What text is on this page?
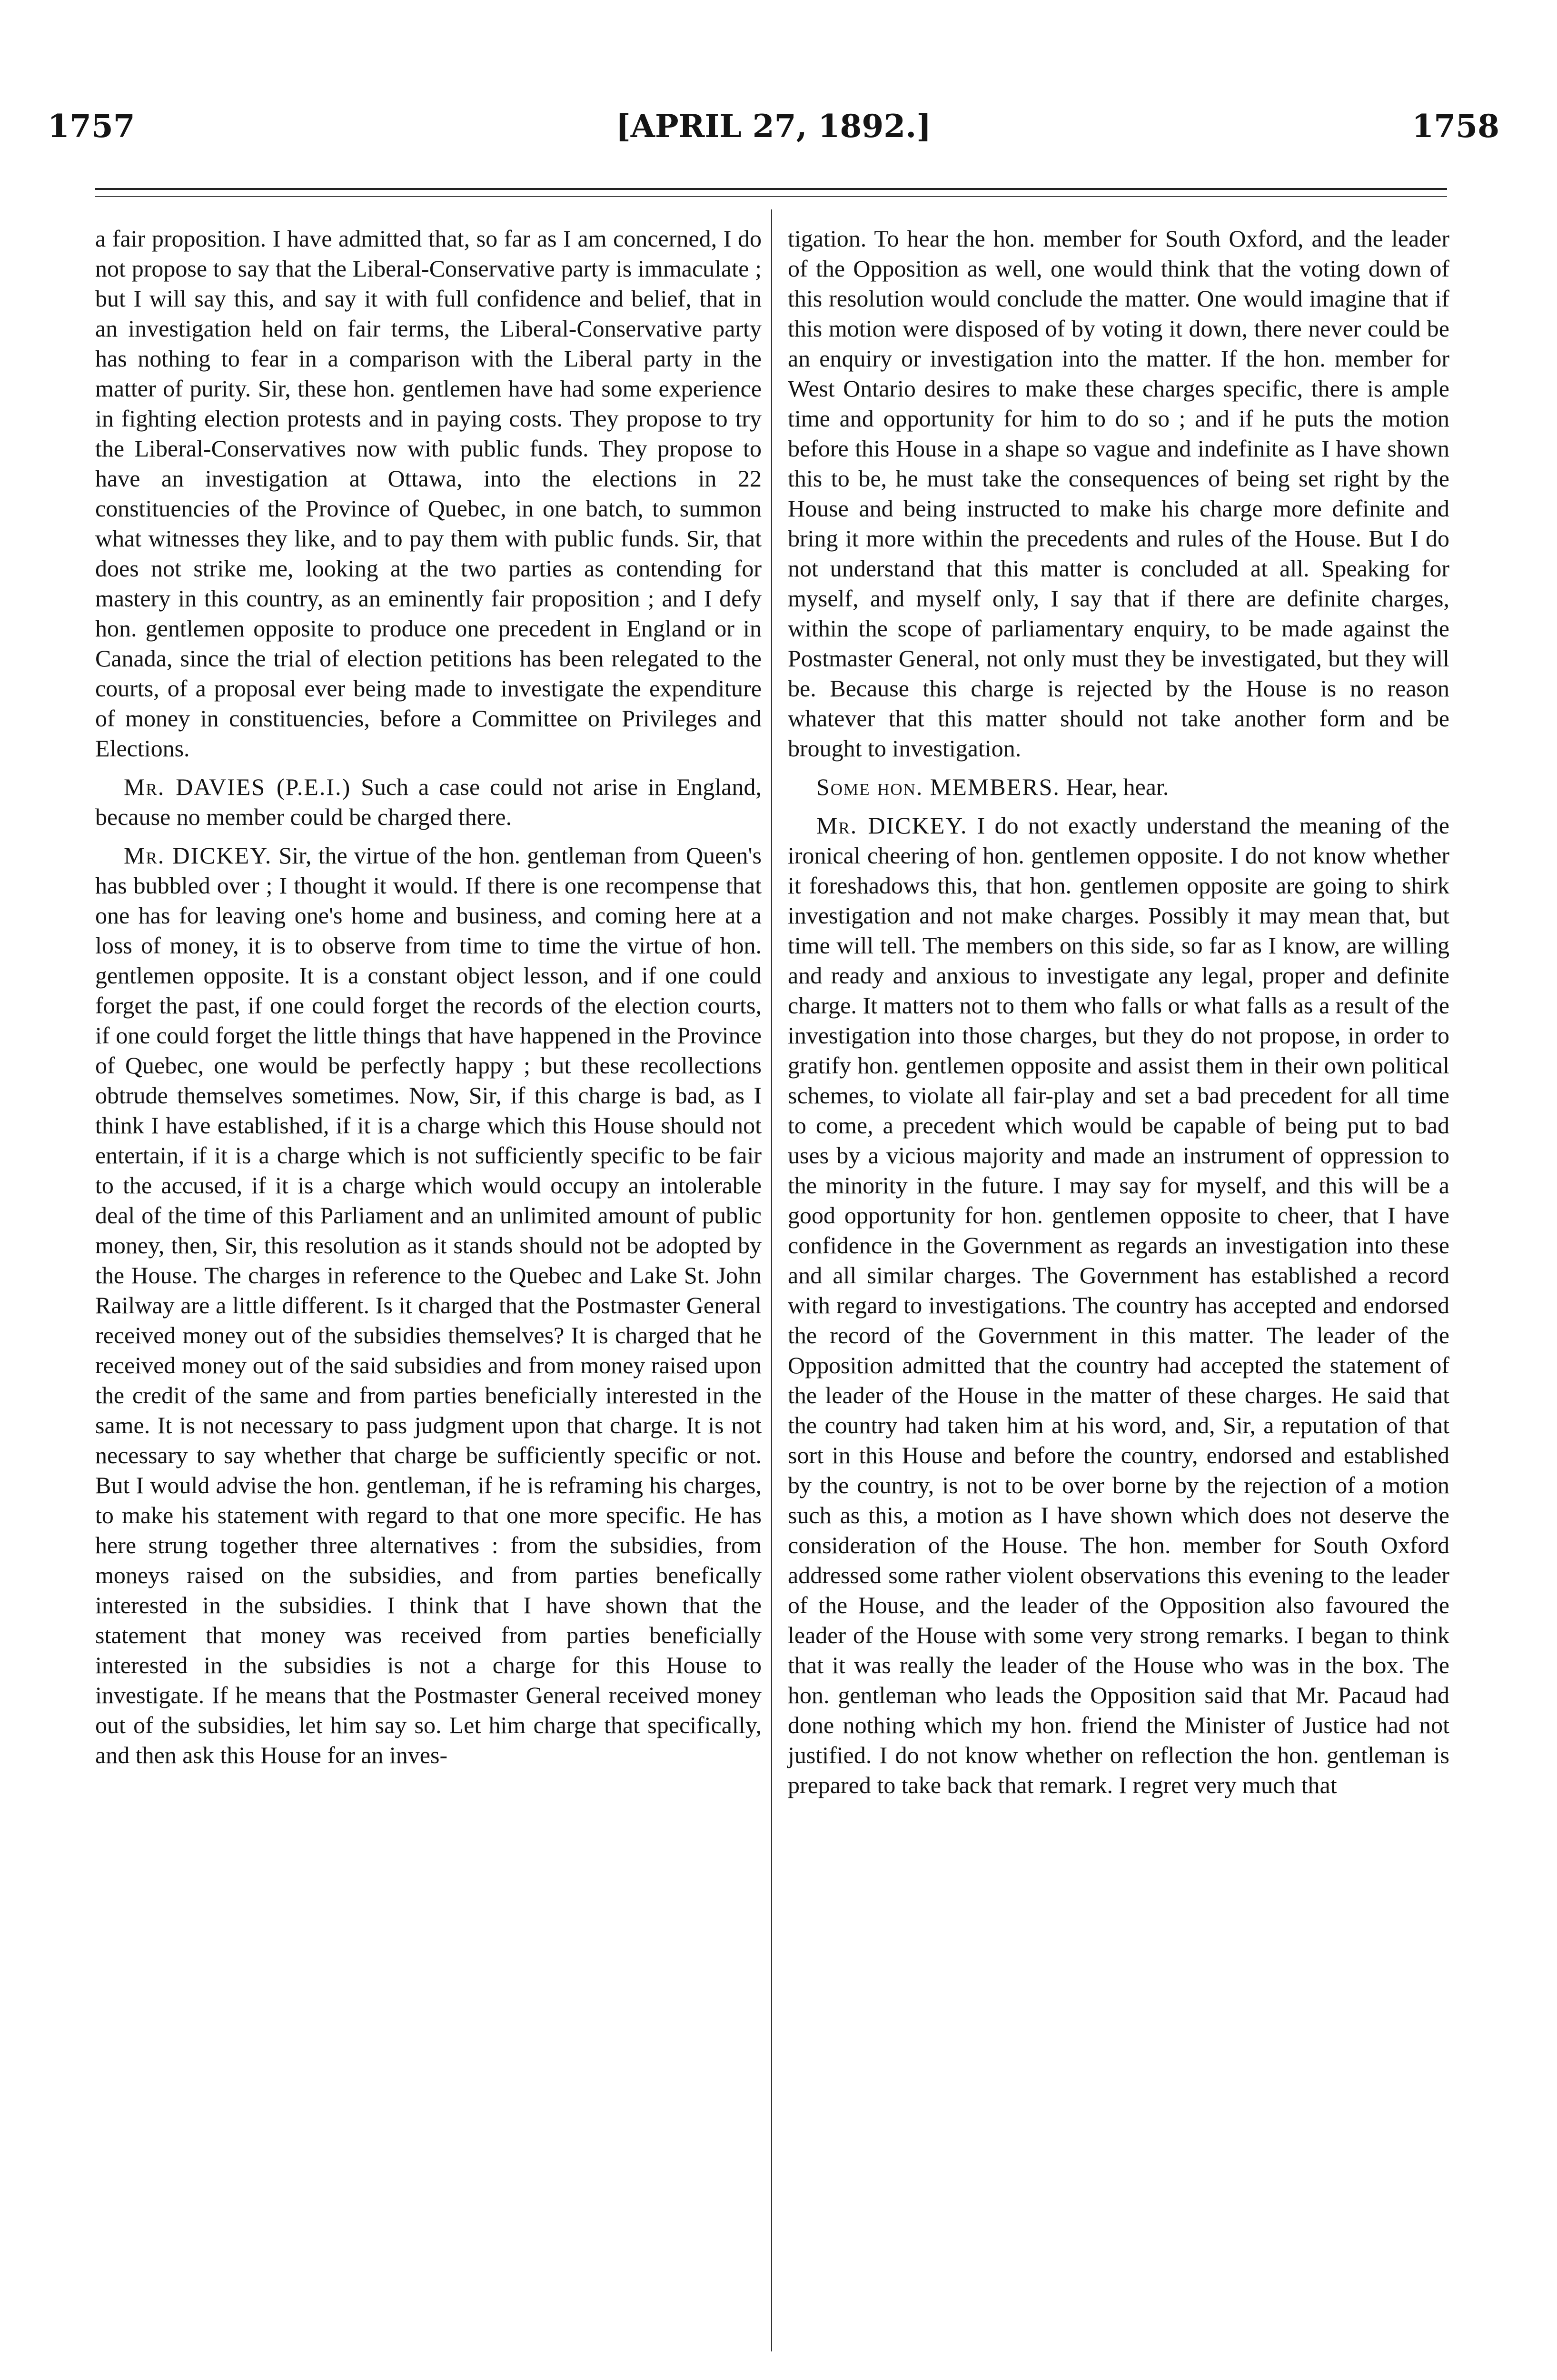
1757	[APRIL 27, 1892.]	1758

a fair proposition. I have admitted that, so far as I am concerned, I do not propose to say that the Liberal-Conservative party is immaculate ; but I will say this, and say it with full confidence and belief, that in an investigation held on fair terms, the Liberal-Conservative party has nothing to fear in a comparison with the Liberal party in the matter of purity. Sir, these hon. gentlemen have had some experience in fighting election protests and in paying costs. They propose to try the Liberal-Conservatives now with public funds. They propose to have an investigation at Ottawa, into the elections in 22 constituencies of the Province of Quebec, in one batch, to summon what witnesses they like, and to pay them with public funds. Sir, that does not strike me, looking at the two parties as contending for mastery in this country, as an eminently fair proposition ; and I defy hon. gentlemen opposite to produce one precedent in England or in Canada, since the trial of election petitions has been relegated to the courts, of a proposal ever being made to investigate the expenditure of money in constituencies, before a Committee on Privileges and Elections.

Mr. DAVIES (P.E.I.) Such a case could not arise in England, because no member could be charged there.

Mr. DICKEY. Sir, the virtue of the hon. gentleman from Queen's has bubbled over ; I thought it would. If there is one recompense that one has for leaving one's home and business, and coming here at a loss of money, it is to observe from time to time the virtue of hon. gentlemen opposite. It is a constant object lesson, and if one could forget the past, if one could forget the records of the election courts, if one could forget the little things that have happened in the Province of Quebec, one would be perfectly happy ; but these recollections obtrude themselves sometimes. Now, Sir, if this charge is bad, as I think I have established, if it is a charge which this House should not entertain, if it is a charge which is not sufficiently specific to be fair to the accused, if it is a charge which would occupy an intolerable deal of the time of this Parliament and an unlimited amount of public money, then, Sir, this resolution as it stands should not be adopted by the House. The charges in reference to the Quebec and Lake St. John Railway are a little different. Is it charged that the Postmaster General received money out of the subsidies themselves? It is charged that he received money out of the said subsidies and from money raised upon the credit of the same and from parties beneficially interested in the same. It is not necessary to pass judgment upon that charge. It is not necessary to say whether that charge be sufficiently specific or not. But I would advise the hon. gentleman, if he is reframing his charges, to make his statement with regard to that one more specific. He has here strung together three alternatives : from the subsidies, from moneys raised on the subsidies, and from parties benefically interested in the subsidies. I think that I have shown that the statement that money was received from parties beneficially interested in the subsidies is not a charge for this House to investigate. If he means that the Postmaster General received money out of the subsidies, let him say so. Let him charge that specifically, and then ask this House for an inves-

tigation. To hear the hon. member for South Oxford, and the leader of the Opposition as well, one would think that the voting down of this resolution would conclude the matter. One would imagine that if this motion were disposed of by voting it down, there never could be an enquiry or investigation into the matter. If the hon. member for West Ontario desires to make these charges specific, there is ample time and opportunity for him to do so ; and if he puts the motion before this House in a shape so vague and indefinite as I have shown this to be, he must take the consequences of being set right by the House and being instructed to make his charge more definite and bring it more within the precedents and rules of the House. But I do not understand that this matter is concluded at all. Speaking for myself, and myself only, I say that if there are definite charges, within the scope of parliamentary enquiry, to be made against the Postmaster General, not only must they be investigated, but they will be. Because this charge is rejected by the House is no reason whatever that this matter should not take another form and be brought to investigation.

Some hon. MEMBERS. Hear, hear.

Mr. DICKEY. I do not exactly understand the meaning of the ironical cheering of hon. gentlemen opposite. I do not know whether it foreshadows this, that hon. gentlemen opposite are going to shirk investigation and not make charges. Possibly it may mean that, but time will tell. The members on this side, so far as I know, are willing and ready and anxious to investigate any legal, proper and definite charge. It matters not to them who falls or what falls as a result of the investigation into those charges, but they do not propose, in order to gratify hon. gentlemen opposite and assist them in their own political schemes, to violate all fair-play and set a bad precedent for all time to come, a precedent which would be capable of being put to bad uses by a vicious majority and made an instrument of oppression to the minority in the future. I may say for myself, and this will be a good opportunity for hon. gentlemen opposite to cheer, that I have confidence in the Government as regards an investigation into these and all similar charges. The Government has established a record with regard to investigations. The country has accepted and endorsed the record of the Government in this matter. The leader of the Opposition admitted that the country had accepted the statement of the leader of the House in the matter of these charges. He said that the country had taken him at his word, and, Sir, a reputation of that sort in this House and before the country, endorsed and established by the country, is not to be over borne by the rejection of a motion such as this, a motion as I have shown which does not deserve the consideration of the House. The hon. member for South Oxford addressed some rather violent observations this evening to the leader of the House, and the leader of the Opposition also favoured the leader of the House with some very strong remarks. I began to think that it was really the leader of the House who was in the box. The hon. gentleman who leads the Opposition said that Mr. Pacaud had done nothing which my hon. friend the Minister of Justice had not justified. I do not know whether on reflection the hon. gentleman is prepared to take back that remark. I regret very much that
